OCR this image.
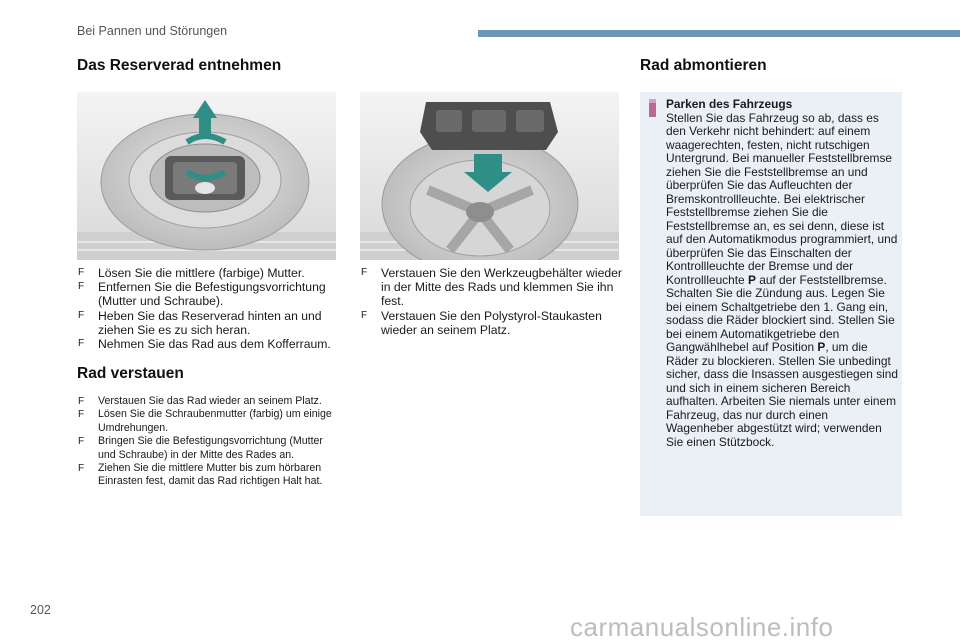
Bei Pannen und Störungen
Das Reserverad entnehmen
F Lösen Sie die mittlere (farbige) Mutter.
F Entfernen Sie die Befestigungsvorrichtung (Mutter und Schraube).
F Heben Sie das Reserverad hinten an und ziehen Sie es zu sich heran.
F Nehmen Sie das Rad aus dem Kofferraum.
Rad verstauen
F Verstauen Sie das Rad wieder an seinem Platz.
F Lösen Sie die Schraubenmutter (farbig) um einige Umdrehungen.
F Bringen Sie die Befestigungsvorrichtung (Mutter und Schraube) in der Mitte des Rades an.
F Ziehen Sie die mittlere Mutter bis zum hörbaren Einrasten fest, damit das Rad richtigen Halt hat.
F Verstauen Sie den Werkzeugbehälter wieder in der Mitte des Rads und klemmen Sie ihn fest.
F Verstauen Sie den Polystyrol-Staukasten wieder an seinem Platz.
Rad abmontieren
Parken des Fahrzeugs
Stellen Sie das Fahrzeug so ab, dass es den Verkehr nicht behindert: auf einem waagerechten, festen, nicht rutschigen Untergrund. Bei manueller Feststellbremse ziehen Sie die Feststellbremse an und überprüfen Sie das Aufleuchten der Bremskontrollleuchte. Bei elektrischer Feststellbremse ziehen Sie die Feststellbremse an, es sei denn, diese ist auf den Automatikmodus programmiert, und überprüfen Sie das Einschalten der Kontrollleuchte der Bremse und der Kontrollleuchte P auf der Feststellbremse. Schalten Sie die Zündung aus. Legen Sie bei einem Schaltgetriebe den 1. Gang ein, sodass die Räder blockiert sind. Stellen Sie bei einem Automatikgetriebe den Gangwählhebel auf Position P, um die Räder zu blockieren. Stellen Sie unbedingt sicher, dass die Insassen ausgestiegen sind und sich in einem sicheren Bereich aufhalten. Arbeiten Sie niemals unter einem Fahrzeug, das nur durch einen Wagenheber abgestützt wird; verwenden Sie einen Stützbock.
202
carmanualsonline.info
